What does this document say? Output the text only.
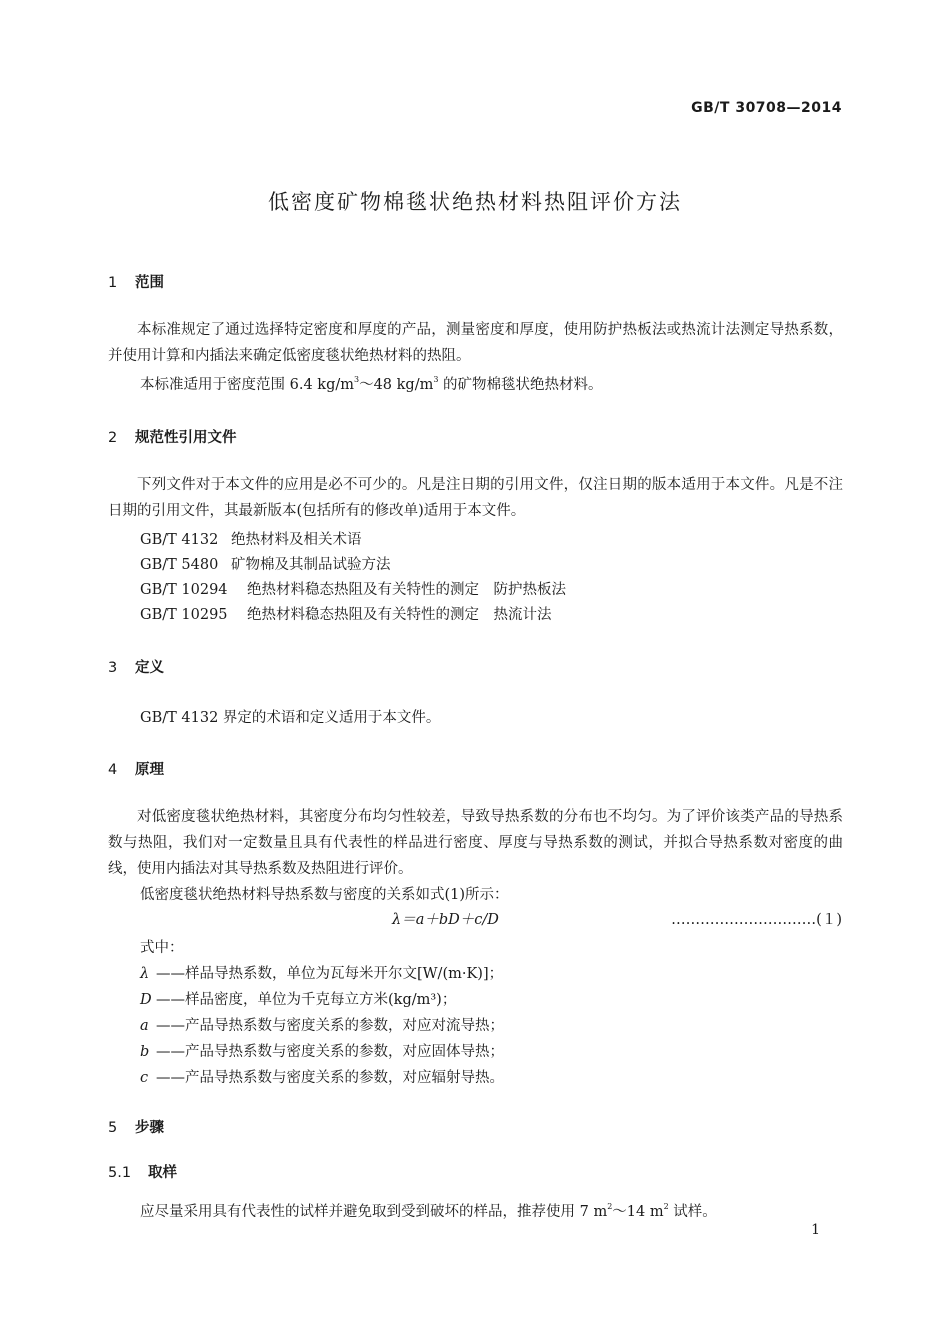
GB/T 30708—2014
低密度矿物棉毯状绝热材料热阻评价方法
1 范围
本标准规定了通过选择特定密度和厚度的产品，测量密度和厚度，使用防护热板法或热流计法测定导热系数，并使用计算和内插法来确定低密度毯状绝热材料的热阻。
本标准适用于密度范围 6.4 $kg/m^3\sim 48$ $kg/m^3$ 的矿物棉毯状绝热材料。
2 规范性引用文件
下列文件对于本文件的应用是必不可少的。凡是注日期的引用文件，仅注日期的版本适用于本文件。凡是不注日期的引用文件，其最新版本(包括所有的修改单)适用于本文件。
GB/T 4132 绝热材料及相关术语
GB/T 5480 矿物棉及其制品试验方法
GB/T 10294 绝热材料稳态热阻及有关特性的测定　防护热板法
GB/T 10295 绝热材料稳态热阻及有关特性的测定　热流计法
3 定义
GB/T 4132 界定的术语和定义适用于本文件。
4 原理
对低密度毯状绝热材料，其密度分布均匀性较差，导致导热系数的分布也不均匀。为了评价该类产品的导热系数与热阻，我们对一定数量且具有代表性的样品进行密度、厚度与导热系数的测试，并拟合导热系数对密度的曲线，使用内插法对其导热系数及热阻进行评价。
低密度毯状绝热材料导热系数与密度的关系如式(1)所示：
λ＝a＋bD＋c/D	…………………………(１)
式中：
λ ——样品导热系数，单位为瓦每米开尔文[W/(m·K)]；
D ——样品密度，单位为千克每立方米(kg/m³)；
a ——产品导热系数与密度关系的参数，对应对流导热；
b ——产品导热系数与密度关系的参数，对应固体导热；
c ——产品导热系数与密度关系的参数，对应辐射导热。
5 步骤
5.1 取样
应尽量采用具有代表性的试样并避免取到受到破坏的样品，推荐使用 7 $m^2\sim 14$ $m^2$ 试样。
1
